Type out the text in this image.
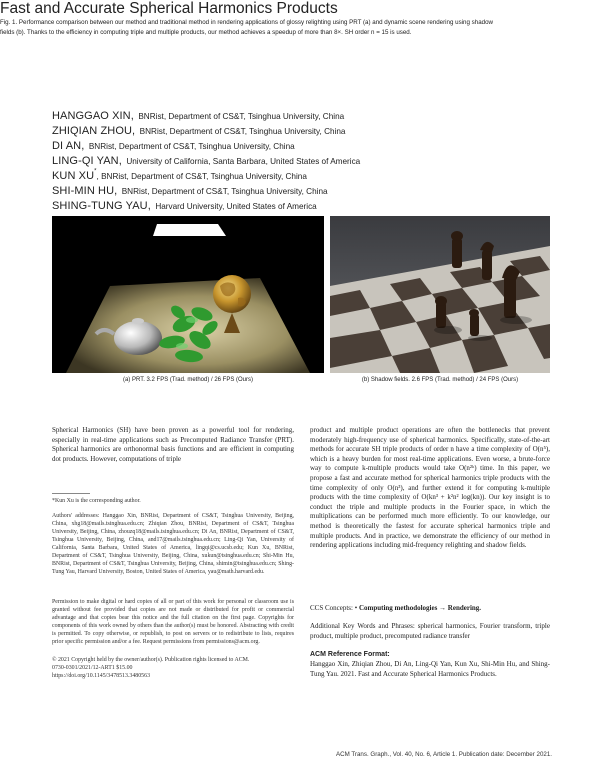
Fast and Accurate Spherical Harmonics Products
HANGGAO XIN, BNRist, Department of CS&T, Tsinghua University, China
ZHIQIAN ZHOU, BNRist, Department of CS&T, Tsinghua University, China
DI AN, BNRist, Department of CS&T, Tsinghua University, China
LING-QI YAN, University of California, Santa Barbara, United States of America
KUN XU*, BNRist, Department of CS&T, Tsinghua University, China
SHI-MIN HU, BNRist, Department of CS&T, Tsinghua University, China
SHING-TUNG YAU, Harvard University, United States of America
(a) PRT. 3.2 FPS (Trad. method) / 26 FPS (Ours)	(b) Shadow fields. 2.6 FPS (Trad. method) / 24 FPS (Ours)
Fig. 1. Performance comparison between our method and traditional method in rendering applications of glossy relighting using PRT (a) and dynamic scene rendering using shadow fields (b). Thanks to the efficiency in computing triple and multiple products, our method achieves a speedup of more than 8×. SH order n = 15 is used.

Spherical Harmonics (SH) have been proven as a powerful tool for rendering, especially in real-time applications such as Precomputed Radiance Transfer (PRT). Spherical harmonics are orthonormal basis functions and are efficient in computing dot products. However, computations of triple

*Kun Xu is the corresponding author.
Authors' addresses: Hanggao Xin, BNRist, Department of CS&T, Tsinghua University, Beijing, China, xhg18@mails.tsinghua.edu.cn; Zhiqian Zhou, BNRist, Department of CS&T, Tsinghua University, Beijing, China, zhouzq18@mails.tsinghua.edu.cn; Di An, BNRist, Department of CS&T, Tsinghua University, Beijing, China, and17@mails.tsinghua.edu.cn; Ling-Qi Yan, University of California, Santa Barbara, United States of America, lingqi@cs.ucsb.edu; Kun Xu, BNRist, Department of CS&T, Tsinghua University, Beijing, China, xukun@tsinghua.edu.cn; Shi-Min Hu, BNRist, Department of CS&T, Tsinghua University, Beijing, China, shimin@tsinghua.edu.cn; Shing-Tung Yau, Harvard University, Boston, United States of America, yau@math.harvard.edu.
Permission to make digital or hard copies of all or part of this work for personal or classroom use is granted without fee provided that copies are not made or distributed for profit or commercial advantage and that copies bear this notice and the full citation on the first page. Copyrights for components of this work owned by others than the author(s) must be honored. Abstracting with credit is permitted. To copy otherwise, or republish, to post on servers or to redistribute to lists, requires prior specific permission and/or a fee. Request permissions from permissions@acm.org.
© 2021 Copyright held by the owner/author(s). Publication rights licensed to ACM.
0730-0301/2021/12-ART1 $15.00
https://doi.org/10.1145/3478513.3480563
product and multiple product operations are often the bottlenecks that prevent moderately high-frequency use of spherical harmonics. Specifically, state-of-the-art methods for accurate SH triple products of order n have a time complexity of O(n⁵), which is a heavy burden for most real-time applications. Even worse, a brute-force way to compute k-multiple products would take O(n²ᵏ) time. In this paper, we propose a fast and accurate method for spherical harmonics triple products with the time complexity of only O(n³), and further extend it for computing k-multiple products with the time complexity of O(kn³ + k²n² log(kn)). Our key insight is to conduct the triple and multiple products in the Fourier space, in which the multiplications can be performed much more efficiently. To our knowledge, our method is theoretically the fastest for accurate spherical harmonics triple and multiple products. And in practice, we demonstrate the efficiency of our method in rendering applications including mid-frequency relighting and shadow fields.
CCS Concepts: • Computing methodologies → Rendering.
Additional Key Words and Phrases: spherical harmonics, Fourier transform, triple product, multiple product, precomputed radiance transfer
ACM Reference Format:
Hanggao Xin, Zhiqian Zhou, Di An, Ling-Qi Yan, Kun Xu, Shi-Min Hu, and Shing-Tung Yau. 2021. Fast and Accurate Spherical Harmonics Products.
ACM Trans. Graph., Vol. 40, No. 6, Article 1. Publication date: December 2021.
